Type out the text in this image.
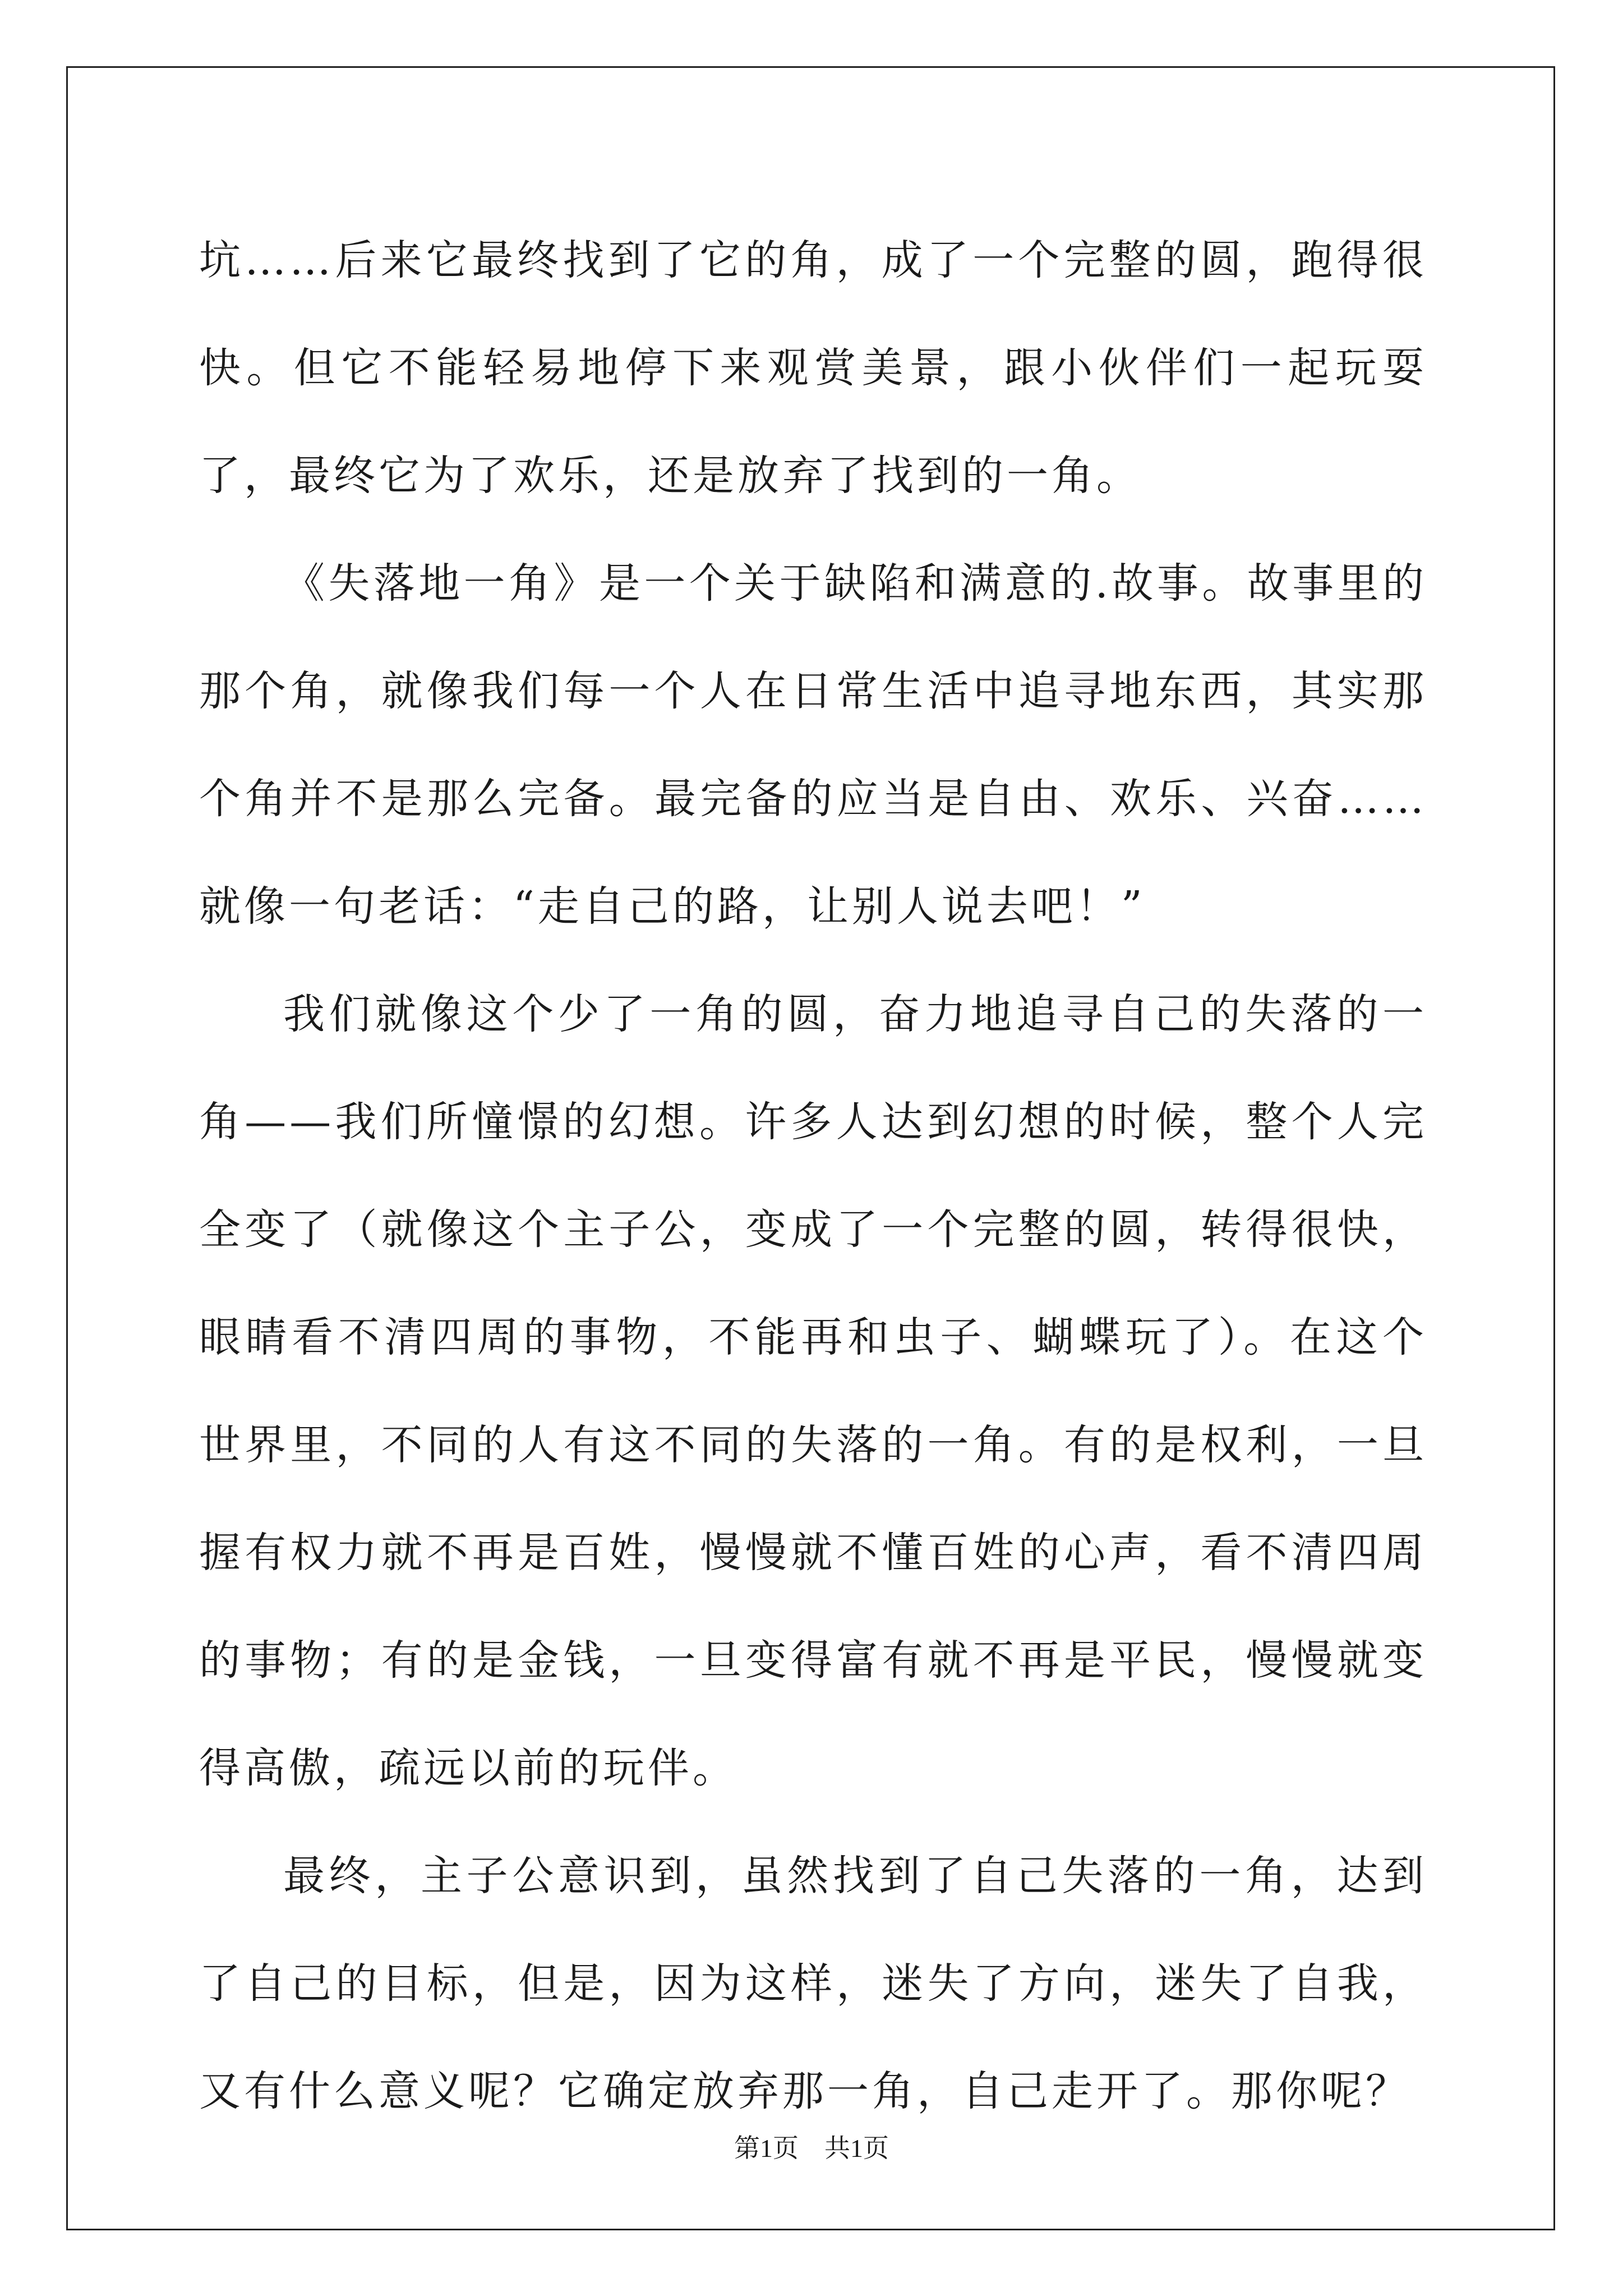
坑……后来它最终找到了它的角，成了一个完整的圆，跑得很快。但它不能轻易地停下来观赏美景，跟小伙伴们一起玩耍了，最终它为了欢乐，还是放弃了找到的一角。

《失落地一角》是一个关于缺陷和满意的.故事。故事里的那个角，就像我们每一个人在日常生活中追寻地东西，其实那个角并不是那么完备。最完备的应当是自由、欢乐、兴奋……就像一句老话：“走自己的路，让别人说去吧！”

我们就像这个少了一角的圆，奋力地追寻自己的失落的一角——我们所憧憬的幻想。许多人达到幻想的时候，整个人完全变了（就像这个主子公，变成了一个完整的圆，转得很快，眼睛看不清四周的事物，不能再和虫子、蝴蝶玩了）。在这个世界里，不同的人有这不同的失落的一角。有的是权利，一旦握有权力就不再是百姓，慢慢就不懂百姓的心声，看不清四周的事物；有的是金钱，一旦变得富有就不再是平民，慢慢就变得高傲，疏远以前的玩伴。

最终，主子公意识到，虽然找到了自己失落的一角，达到了自己的目标，但是，因为这样，迷失了方向，迷失了自我，又有什么意义呢？它确定放弃那一角，自己走开了。那你呢？

第1页　共1页
